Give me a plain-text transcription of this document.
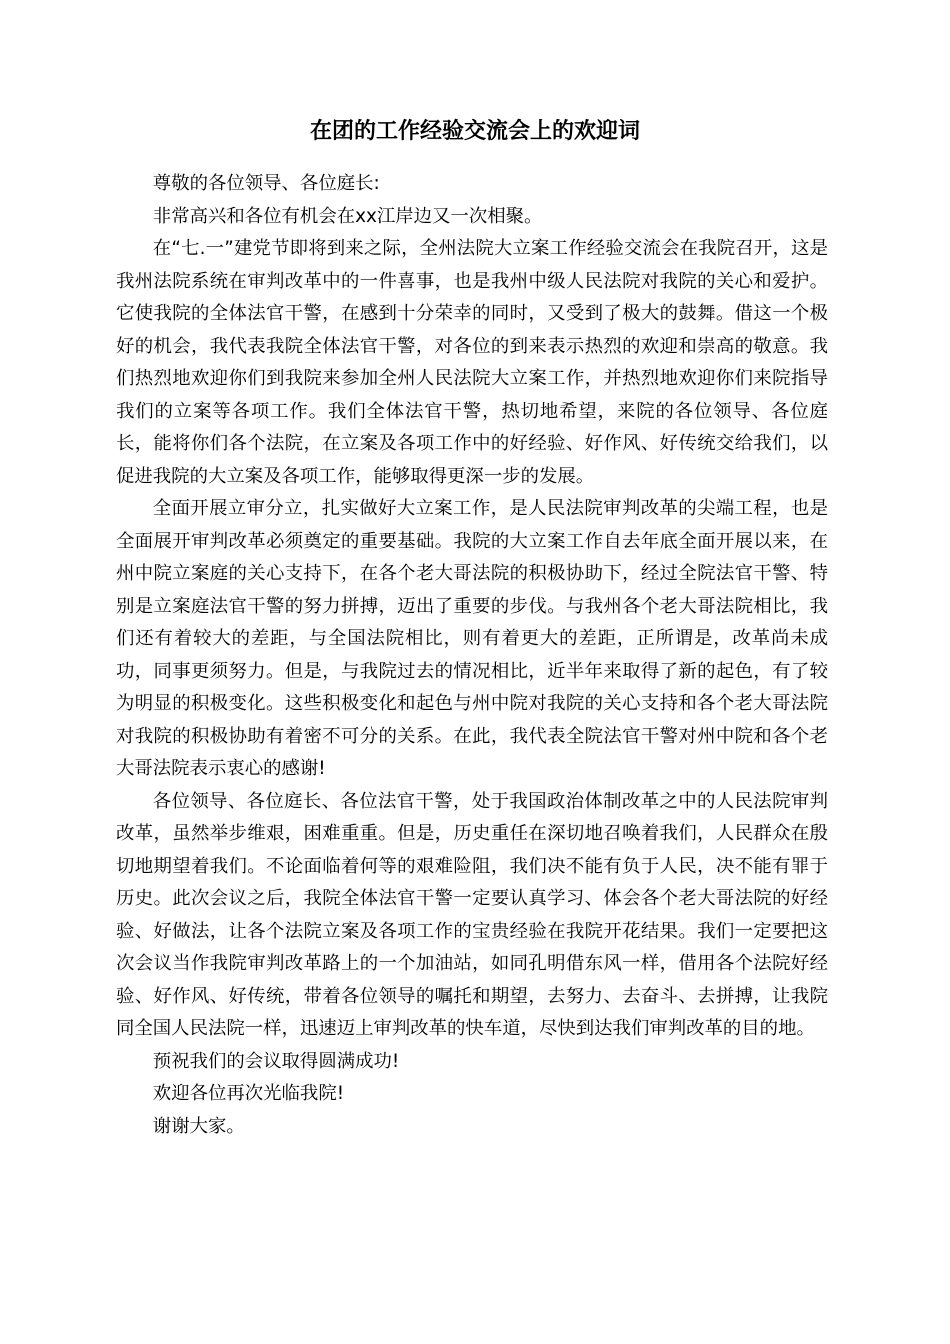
在团的工作经验交流会上的欢迎词

尊敬的各位领导、各位庭长:

非常高兴和各位有机会在xx江岸边又一次相聚。

在“七.一”建党节即将到来之际，全州法院大立案工作经验交流会在我院召开，这是我州法院系统在审判改革中的一件喜事，也是我州中级人民法院对我院的关心和爱护。它使我院的全体法官干警，在感到十分荣幸的同时，又受到了极大的鼓舞。借这一个极好的机会，我代表我院全体法官干警，对各位的到来表示热烈的欢迎和崇高的敬意。我们热烈地欢迎你们到我院来参加全州人民法院大立案工作，并热烈地欢迎你们来院指导我们的立案等各项工作。我们全体法官干警，热切地希望，来院的各位领导、各位庭长，能将你们各个法院，在立案及各项工作中的好经验、好作风、好传统交给我们，以促进我院的大立案及各项工作，能够取得更深一步的发展。

全面开展立审分立，扎实做好大立案工作，是人民法院审判改革的尖端工程，也是全面展开审判改革必须奠定的重要基础。我院的大立案工作自去年底全面开展以来，在州中院立案庭的关心支持下，在各个老大哥法院的积极协助下，经过全院法官干警、特别是立案庭法官干警的努力拼搏，迈出了重要的步伐。与我州各个老大哥法院相比，我们还有着较大的差距，与全国法院相比，则有着更大的差距，正所谓是，改革尚未成功，同事更须努力。但是，与我院过去的情况相比，近半年来取得了新的起色，有了较为明显的积极变化。这些积极变化和起色与州中院对我院的关心支持和各个老大哥法院对我院的积极协助有着密不可分的关系。在此，我代表全院法官干警对州中院和各个老大哥法院表示衷心的感谢!

各位领导、各位庭长、各位法官干警，处于我国政治体制改革之中的人民法院审判改革，虽然举步维艰，困难重重。但是，历史重任在深切地召唤着我们，人民群众在殷切地期望着我们。不论面临着何等的艰难险阻，我们决不能有负于人民，决不能有罪于历史。此次会议之后，我院全体法官干警一定要认真学习、体会各个老大哥法院的好经验、好做法，让各个法院立案及各项工作的宝贵经验在我院开花结果。我们一定要把这次会议当作我院审判改革路上的一个加油站，如同孔明借东风一样，借用各个法院好经验、好作风、好传统，带着各位领导的嘱托和期望，去努力、去奋斗、去拼搏，让我院同全国人民法院一样，迅速迈上审判改革的快车道，尽快到达我们审判改革的目的地。

预祝我们的会议取得圆满成功!

欢迎各位再次光临我院!

谢谢大家。
